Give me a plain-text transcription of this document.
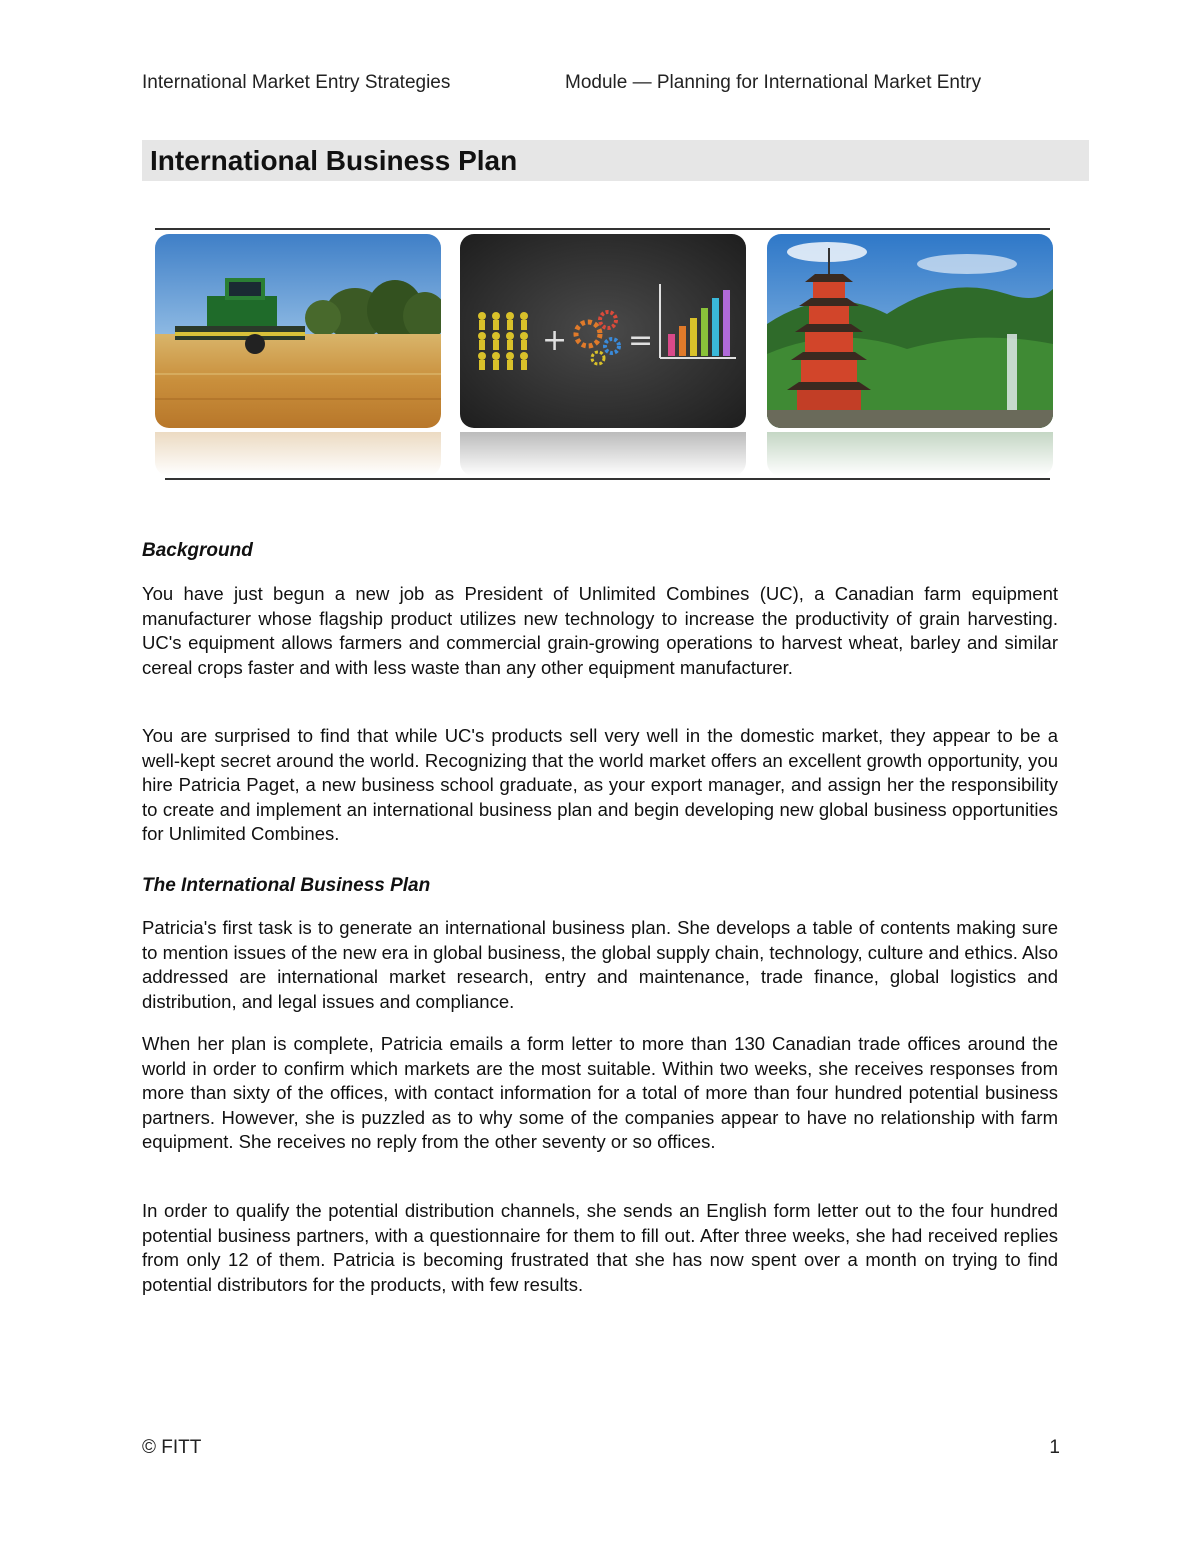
International Market Entry Strategies	Module — Planning for International Market Entry
International Business Plan
+ =
Background

You have just begun a new job as President of Unlimited Combines (UC), a Canadian farm equipment manufacturer whose flagship product utilizes new technology to increase the productivity of grain harvesting. UC's equipment allows farmers and commercial grain-growing operations to harvest wheat, barley and similar cereal crops faster and with less waste than any other equipment manufacturer.

You are surprised to find that while UC's products sell very well in the domestic market, they appear to be a well-kept secret around the world. Recognizing that the world market offers an excellent growth opportunity, you hire Patricia Paget, a new business school graduate, as your export manager, and assign her the responsibility to create and implement an international business plan and begin developing new global business opportunities for Unlimited Combines.

The International Business Plan

Patricia's first task is to generate an international business plan. She develops a table of contents making sure to mention issues of the new era in global business, the global supply chain, technology, culture and ethics. Also addressed are international market research, entry and maintenance, trade finance, global logistics and distribution, and legal issues and compliance.

When her plan is complete, Patricia emails a form letter to more than 130 Canadian trade offices around the world in order to confirm which markets are the most suitable. Within two weeks, she receives responses from more than sixty of the offices, with contact information for a total of more than four hundred potential business partners. However, she is puzzled as to why some of the companies appear to have no relationship with farm equipment. She receives no reply from the other seventy or so offices.

In order to qualify the potential distribution channels, she sends an English form letter out to the four hundred potential business partners, with a questionnaire for them to fill out. After three weeks, she had received replies from only 12 of them. Patricia is becoming frustrated that she has now spent over a month on trying to find potential distributors for the products, with few results.

© FITT	1
